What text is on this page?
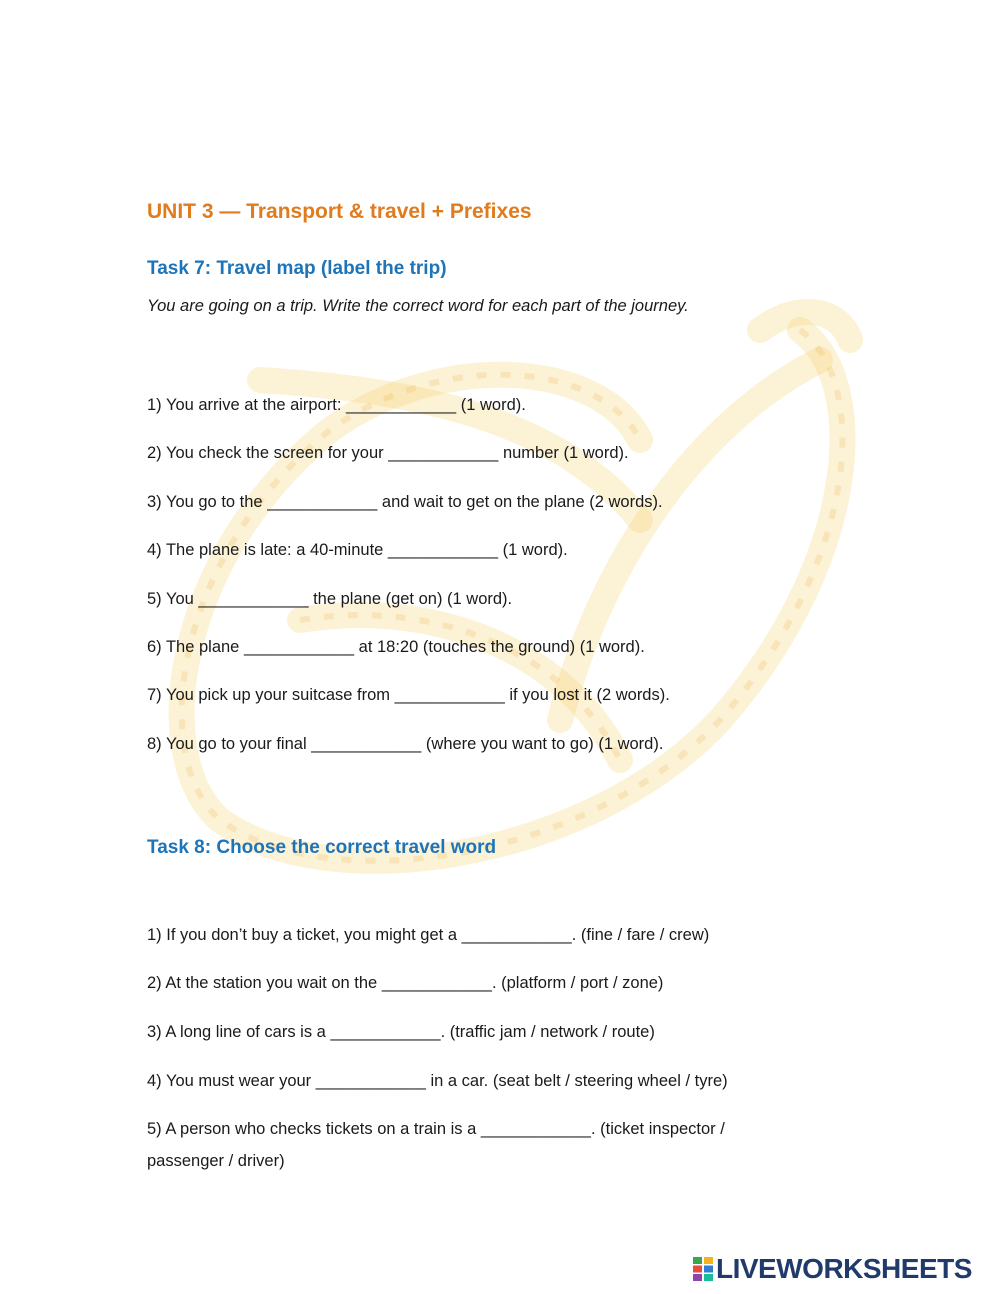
UNIT 3 — Transport & travel + Prefixes
Task 7: Travel map (label the trip)

You are going on a trip. Write the correct word for each part of the journey.

1) You arrive at the airport: ____________ (1 word).

2) You check the screen for your ____________ number (1 word).

3) You go to the ____________ and wait to get on the plane (2 words).

4) The plane is late: a 40-minute ____________ (1 word).

5) You ____________ the plane (get on) (1 word).

6) The plane ____________ at 18:20 (touches the ground) (1 word).

7) You pick up your suitcase from ____________ if you lost it (2 words).

8) You go to your final ____________ (where you want to go) (1 word).

Task 8: Choose the correct travel word

1) If you don’t buy a ticket, you might get a ____________. (fine / fare / crew)

2) At the station you wait on the ____________. (platform / port / zone)

3) A long line of cars is a ____________. (traffic jam / network / route)

4) You must wear your ____________ in a car. (seat belt / steering wheel / tyre)

5) A person who checks tickets on a train is a ____________. (ticket inspector / passenger / driver)

LIVEWORKSHEETS
